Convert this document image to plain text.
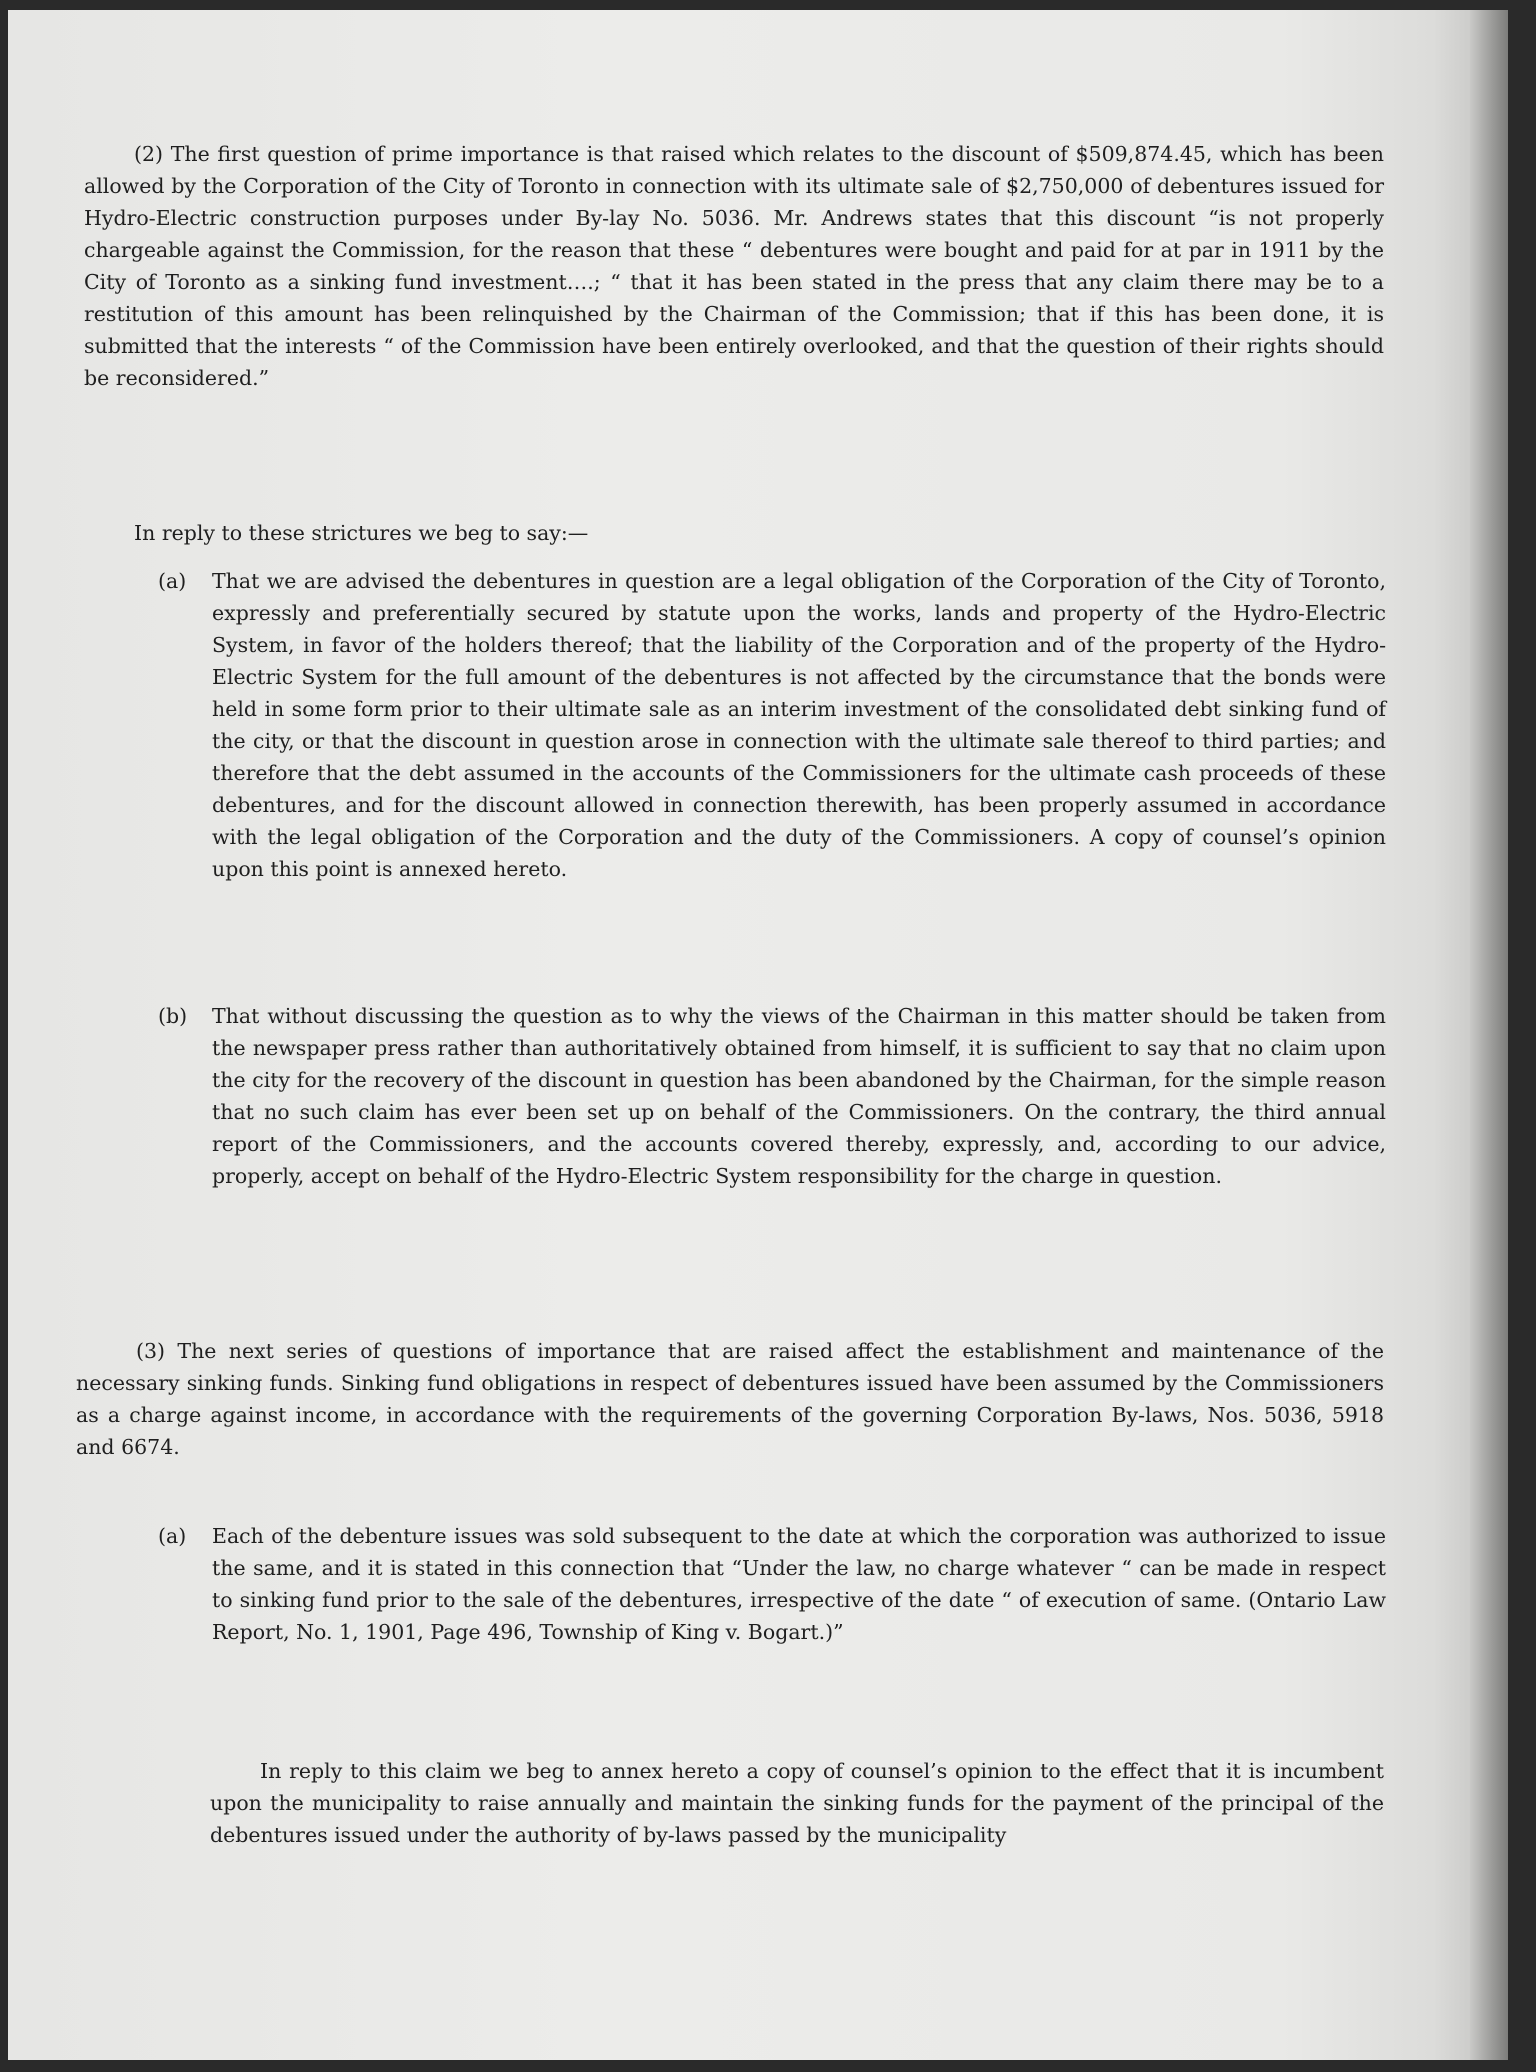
(2) The first question of prime importance is that raised which relates to the discount of $509,874.45, which has been allowed by the Corporation of the City of Toronto in connection with its ultimate sale of $2,750,000 of debentures issued for Hydro-Electric construction purposes under By-lay No. 5036. Mr. Andrews states that this discount “is not properly chargeable against the Commission, for the reason that these “ debentures were bought and paid for at par in 1911 by the City of Toronto as a sinking fund investment….; “ that it has been stated in the press that any claim there may be to a restitution of this amount has been relinquished by the Chairman of the Commission; that if this has been done, it is submitted that the interests “ of the Commission have been entirely overlooked, and that the question of their rights should be reconsidered.”
In reply to these strictures we beg to say:—
(a) That we are advised the debentures in question are a legal obligation of the Corporation of the City of Toronto, expressly and preferentially secured by statute upon the works, lands and property of the Hydro-Electric System, in favor of the holders thereof; that the liability of the Corporation and of the property of the Hydro-Electric System for the full amount of the debentures is not affected by the circumstance that the bonds were held in some form prior to their ultimate sale as an interim investment of the consolidated debt sinking fund of the city, or that the discount in question arose in connection with the ultimate sale thereof to third parties; and therefore that the debt assumed in the accounts of the Commissioners for the ultimate cash proceeds of these debentures, and for the discount allowed in connection therewith, has been properly assumed in accordance with the legal obligation of the Corporation and the duty of the Commissioners. A copy of counsel’s opinion upon this point is annexed hereto.
(b) That without discussing the question as to why the views of the Chairman in this matter should be taken from the newspaper press rather than authoritatively obtained from himself, it is sufficient to say that no claim upon the city for the recovery of the discount in question has been abandoned by the Chairman, for the simple reason that no such claim has ever been set up on behalf of the Commissioners. On the contrary, the third annual report of the Commissioners, and the accounts covered thereby, expressly, and, according to our advice, properly, accept on behalf of the Hydro-Electric System responsibility for the charge in question.
(3) The next series of questions of importance that are raised affect the establishment and maintenance of the necessary sinking funds. Sinking fund obligations in respect of debentures issued have been assumed by the Commissioners as a charge against income, in accordance with the requirements of the governing Corporation By-laws, Nos. 5036, 5918 and 6674.
(a) Each of the debenture issues was sold subsequent to the date at which the corporation was authorized to issue the same, and it is stated in this connection that “Under the law, no charge whatever “ can be made in respect to sinking fund prior to the sale of the debentures, irrespective of the date “ of execution of same. (Ontario Law Report, No. 1, 1901, Page 496, Township of King v. Bogart.)”
In reply to this claim we beg to annex hereto a copy of counsel’s opinion to the effect that it is incumbent upon the municipality to raise annually and maintain the sinking funds for the payment of the principal of the debentures issued under the authority of by-laws passed by the municipality
